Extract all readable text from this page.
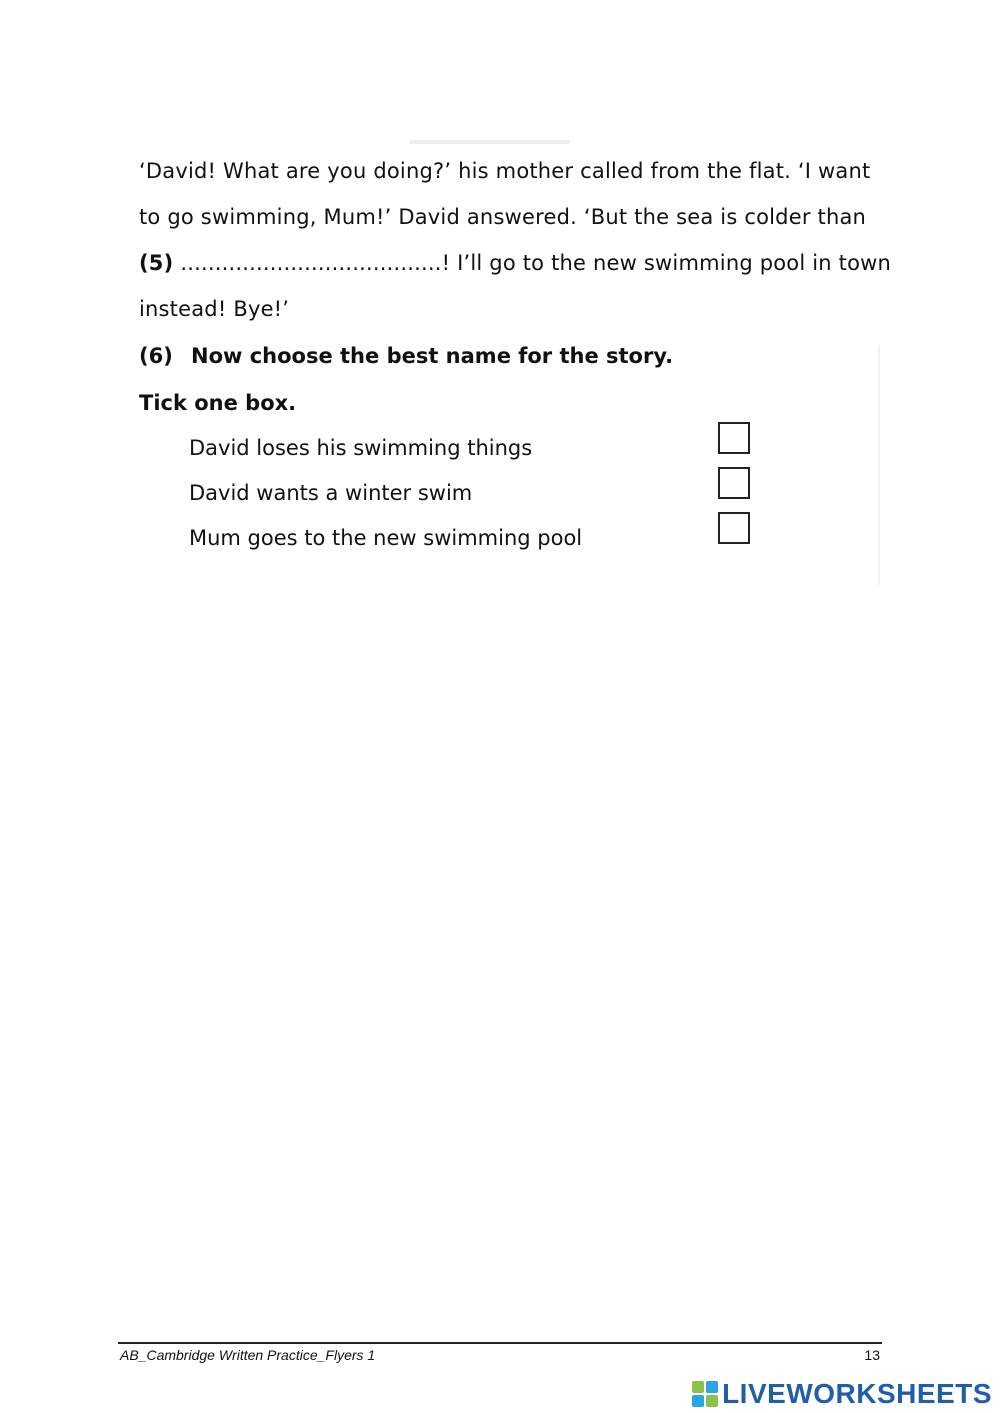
‘David! What are you doing?’ his mother called from the flat. ‘I want
to go swimming, Mum!’ David answered. ‘But the sea is colder than
(5) ......................................! I’ll go to the new swimming pool in town
instead! Bye!’
(6) Now choose the best name for the story.
Tick one box.
David loses his swimming things
David wants a winter swim
Mum goes to the new swimming pool
AB_Cambridge Written Practice_Flyers 1	13
LIVEWORKSHEETS
